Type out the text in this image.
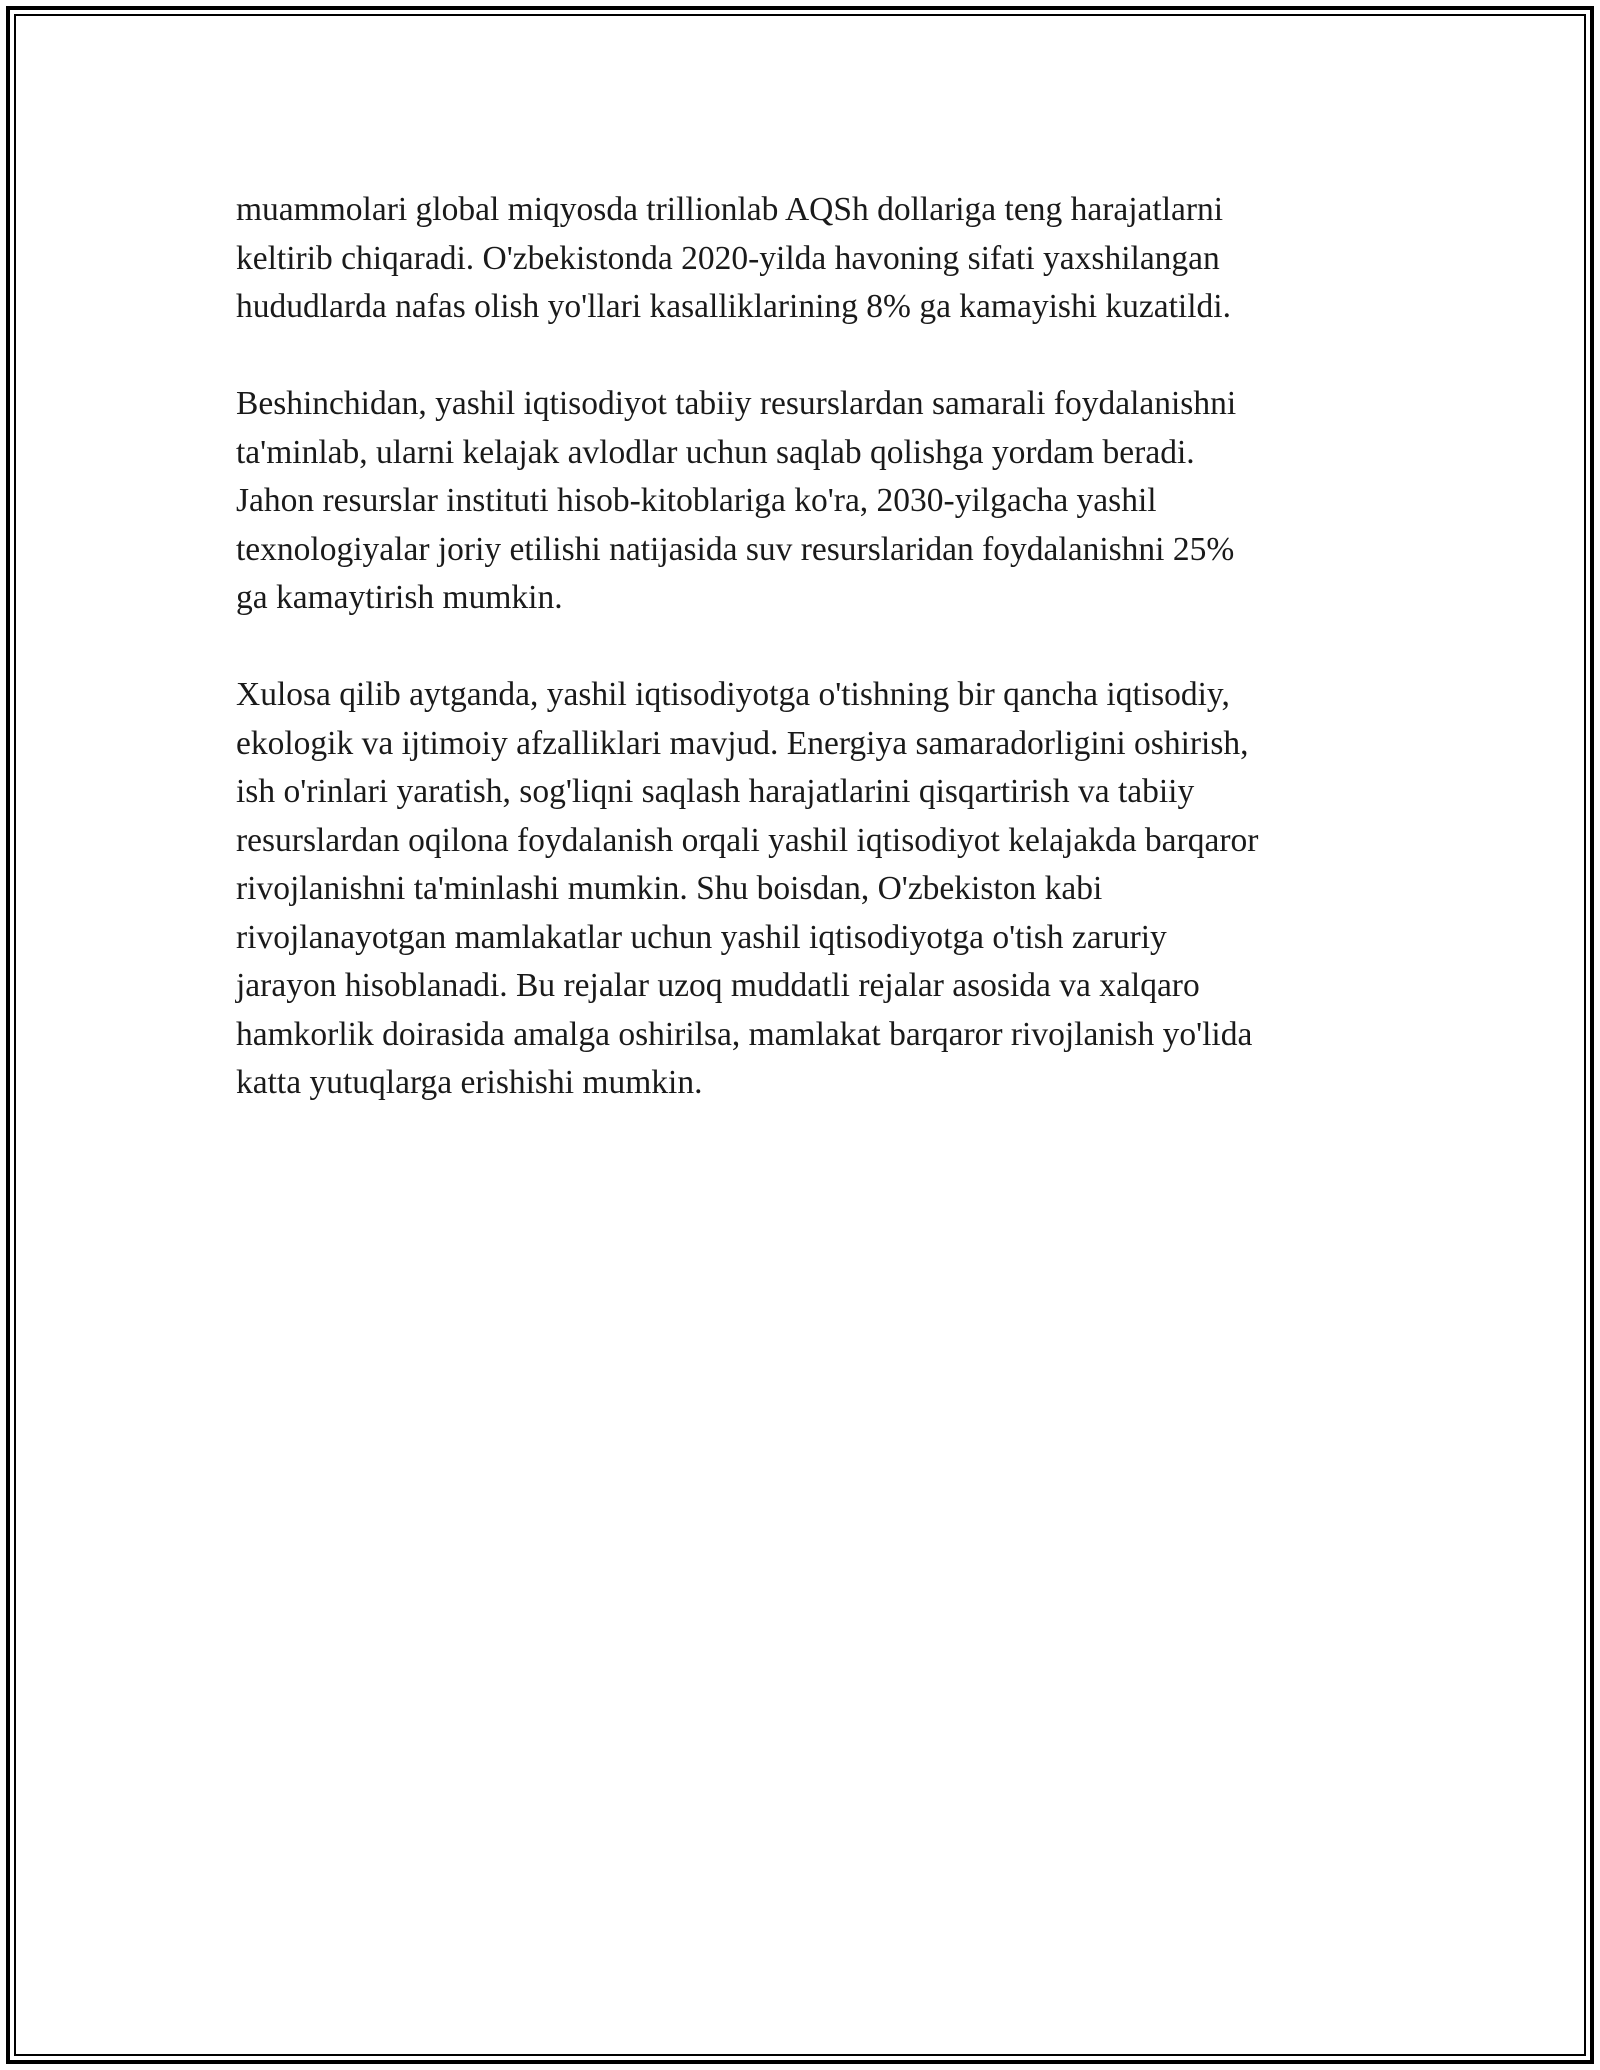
muammolari global miqyosda trillionlab AQSh dollariga teng harajatlarni
keltirib chiqaradi. O'zbekistonda 2020-yilda havoning sifati yaxshilangan
hududlarda nafas olish yo'llari kasalliklarining 8% ga kamayishi kuzatildi.

Beshinchidan, yashil iqtisodiyot tabiiy resurslardan samarali foydalanishni
ta'minlab, ularni kelajak avlodlar uchun saqlab qolishga yordam beradi.
Jahon resurslar instituti hisob-kitoblariga ko'ra, 2030-yilgacha yashil
texnologiyalar joriy etilishi natijasida suv resurslaridan foydalanishni 25%
ga kamaytirish mumkin.

Xulosa qilib aytganda, yashil iqtisodiyotga o'tishning bir qancha iqtisodiy,
ekologik va ijtimoiy afzalliklari mavjud. Energiya samaradorligini oshirish,
ish o'rinlari yaratish, sog'liqni saqlash harajatlarini qisqartirish va tabiiy
resurslardan oqilona foydalanish orqali yashil iqtisodiyot kelajakda barqaror
rivojlanishni ta'minlashi mumkin. Shu boisdan, O'zbekiston kabi
rivojlanayotgan mamlakatlar uchun yashil iqtisodiyotga o'tish zaruriy
jarayon hisoblanadi. Bu rejalar uzoq muddatli rejalar asosida va xalqaro
hamkorlik doirasida amalga oshirilsa, mamlakat barqaror rivojlanish yo'lida
katta yutuqlarga erishishi mumkin.
